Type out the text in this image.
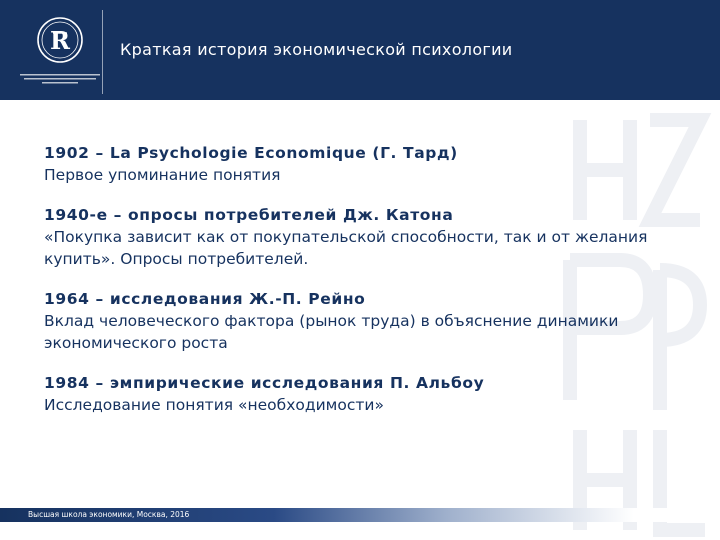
R	Краткая история экономической психологии
1902 – La Psychologie Economique (Г. Тард)
Первое упоминание понятия
1940-е – опросы потребителей Дж. Катона
«Покупка зависит как от покупательской способности, так и от желания купить». Опросы потребителей.
1964 – исследования Ж.-П. Рейно
Вклад человеческого фактора (рынок труда) в объяснение динамики экономического роста
1984 – эмпирические исследования П. Альбоу
Исследование понятия «необходимости»
Высшая школа экономики, Москва, 2016
